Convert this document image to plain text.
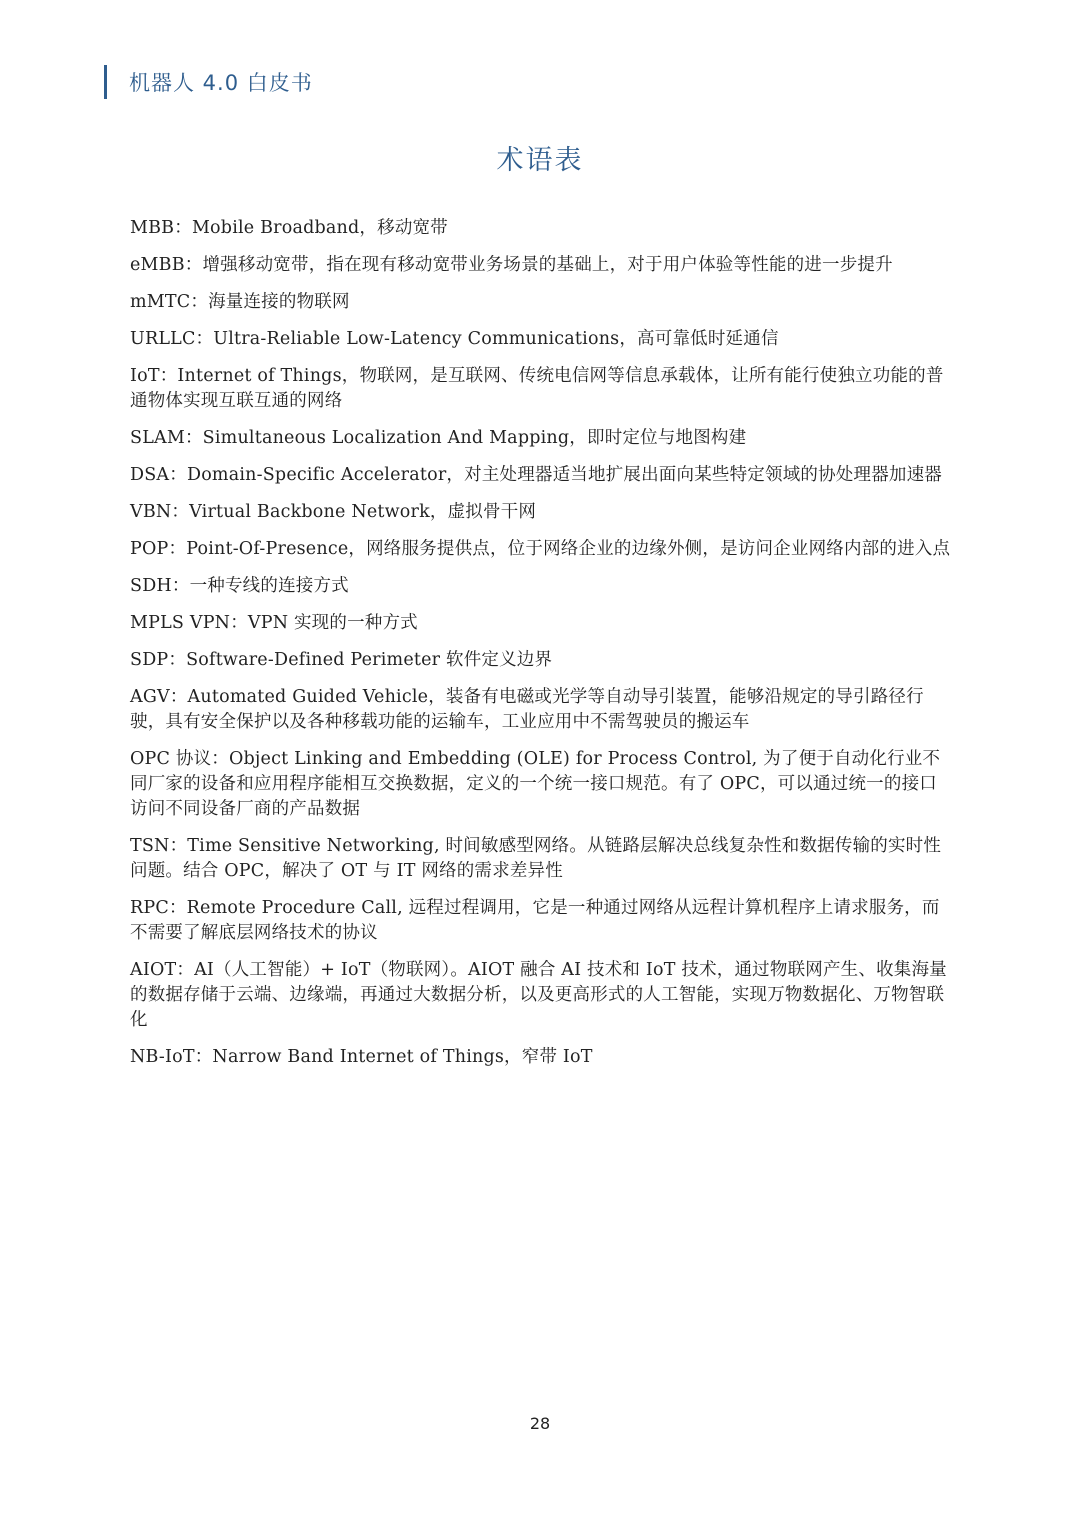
机器人 4.0 白皮书
术语表
MBB：Mobile Broadband，移动宽带
eMBB：增强移动宽带，指在现有移动宽带业务场景的基础上，对于用户体验等性能的进一步提升
mMTC：海量连接的物联网
URLLC：Ultra-Reliable Low-Latency Communications，高可靠低时延通信
IoT：Internet of Things，物联网，是互联网、传统电信网等信息承载体，让所有能行使独立功能的普通物体实现互联互通的网络
SLAM：Simultaneous Localization And Mapping，即时定位与地图构建
DSA：Domain-Specific Accelerator，对主处理器适当地扩展出面向某些特定领域的协处理器加速器
VBN：Virtual Backbone Network，虚拟骨干网
POP：Point-Of-Presence，网络服务提供点，位于网络企业的边缘外侧，是访问企业网络内部的进入点
SDH：一种专线的连接方式
MPLS VPN：VPN 实现的一种方式
SDP：Software-Defined Perimeter 软件定义边界
AGV：Automated Guided Vehicle，装备有电磁或光学等自动导引装置，能够沿规定的导引路径行驶，具有安全保护以及各种移载功能的运输车，工业应用中不需驾驶员的搬运车
OPC 协议：Object Linking and Embedding (OLE) for Process Control, 为了便于自动化行业不同厂家的设备和应用程序能相互交换数据，定义的一个统一接口规范。有了 OPC，可以通过统一的接口访问不同设备厂商的产品数据
TSN：Time Sensitive Networking, 时间敏感型网络。从链路层解决总线复杂性和数据传输的实时性问题。结合 OPC，解决了 OT 与 IT 网络的需求差异性
RPC：Remote Procedure Call, 远程过程调用，它是一种通过网络从远程计算机程序上请求服务，而不需要了解底层网络技术的协议
AIOT：AI（人工智能）+ IoT（物联网）。AIOT 融合 AI 技术和 IoT 技术，通过物联网产生、收集海量的数据存储于云端、边缘端，再通过大数据分析，以及更高形式的人工智能，实现万物数据化、万物智联化
NB-IoT：Narrow Band Internet of Things，窄带 IoT
28
